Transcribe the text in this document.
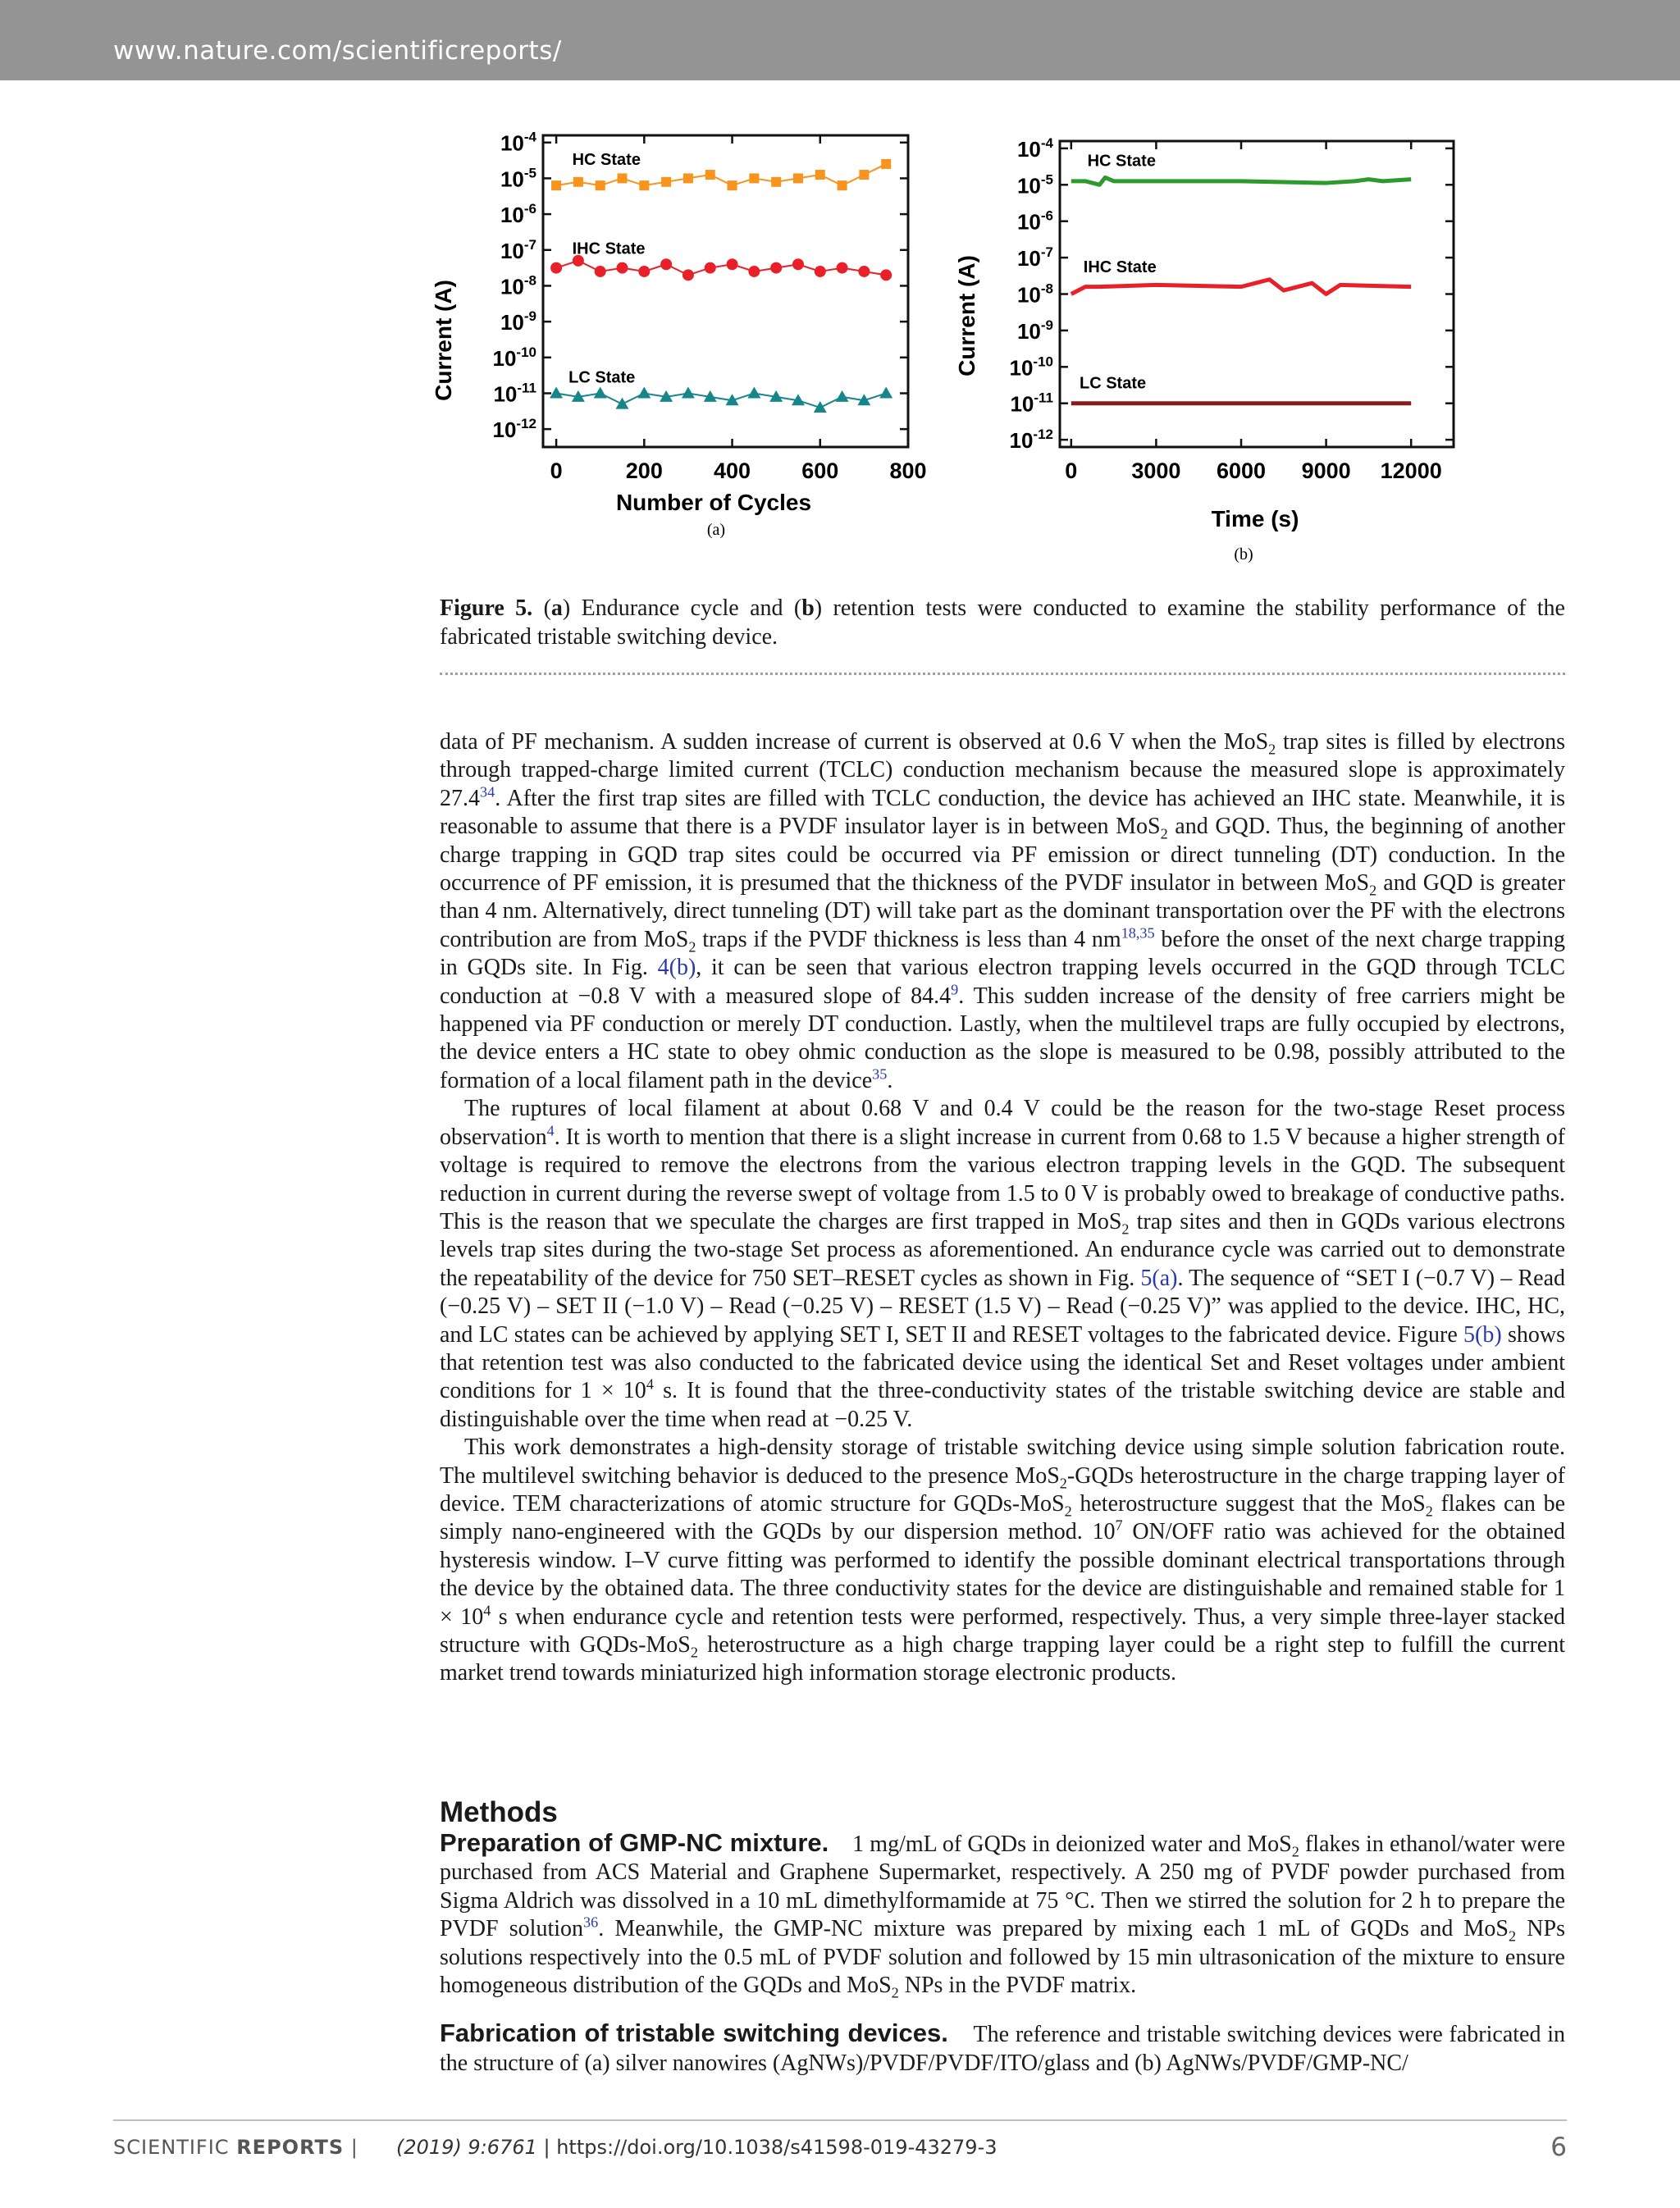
www.nature.com/scientificreports/
$10^{-4}$
$10^{-5}$
$10^{-6}$
$10^{-7}$
$10^{-8}$
$10^{-9}$
$10^{-10}$
$10^{-11}$
$10^{-12}$
0	200 400 600 800
HC State
IHC State
LC State
Number of Cycles
Current (A)
(a)
$10^{-4}$
$10^{-5}$
$10^{-6}$
$10^{-7}$
$10^{-8}$
$10^{-9}$
$10^{-10}$
$10^{-11}$
$10^{-12}$
0 3000 6000 9000 12000
HC State
IHC State
LC State
Time (s)
Current (A)
(b)
Figure 5. (a) Endurance cycle and (b) retention tests were conducted to examine the stability performance of the fabricated tristable switching device.

data of PF mechanism. A sudden increase of current is observed at 0.6 V when the MoS$_2$ trap sites is filled by electrons through trapped-charge limited current (TCLC) conduction mechanism because the measured slope is approximately 27.4$^{34}$. After the first trap sites are filled with TCLC conduction, the device has achieved an IHC state. Meanwhile, it is reasonable to assume that there is a PVDF insulator layer is in between MoS$_2$ and GQD. Thus, the beginning of another charge trapping in GQD trap sites could be occurred via PF emission or direct tunneling (DT) conduction. In the occurrence of PF emission, it is presumed that the thickness of the PVDF insulator in between MoS$_2$ and GQD is greater than 4 nm. Alternatively, direct tunneling (DT) will take part as the dominant transportation over the PF with the electrons contribution are from MoS$_2$ traps if the PVDF thickness is less than 4 nm$^{18,35}$ before the onset of the next charge trapping in GQDs site. In Fig. 4(b), it can be seen that various electron trapping levels occurred in the GQD through TCLC conduction at −0.8 V with a measured slope of 84.4$^9$. This sudden increase of the density of free carriers might be happened via PF conduction or merely DT conduction. Lastly, when the multilevel traps are fully occupied by electrons, the device enters a HC state to obey ohmic conduction as the slope is measured to be 0.98, possibly attributed to the formation of a local filament path in the device$^{35}$.

The ruptures of local filament at about 0.68 V and 0.4 V could be the reason for the two-stage Reset process observation$^4$. It is worth to mention that there is a slight increase in current from 0.68 to 1.5 V because a higher strength of voltage is required to remove the electrons from the various electron trapping levels in the GQD. The subsequent reduction in current during the reverse swept of voltage from 1.5 to 0 V is probably owed to breakage of conductive paths. This is the reason that we speculate the charges are first trapped in MoS$_2$ trap sites and then in GQDs various electrons levels trap sites during the two-stage Set process as aforementioned. An endurance cycle was carried out to demonstrate the repeatability of the device for 750 SET–RESET cycles as shown in Fig. 5(a). The sequence of “SET I (−0.7 V) – Read (−0.25 V) – SET II (−1.0 V) – Read (−0.25 V) – RESET (1.5 V) – Read (−0.25 V)” was applied to the device. IHC, HC, and LC states can be achieved by applying SET I, SET II and RESET voltages to the fabricated device. Figure 5(b) shows that retention test was also conducted to the fabricated device using the identical Set and Reset voltages under ambient conditions for $1 \times 10^4$ s. It is found that the three-conductivity states of the tristable switching device are stable and distinguishable over the time when read at −0.25 V.

This work demonstrates a high-density storage of tristable switching device using simple solution fabrication route. The multilevel switching behavior is deduced to the presence MoS$_2$-GQDs heterostructure in the charge trapping layer of device. TEM characterizations of atomic structure for GQDs-MoS$_2$ heterostructure suggest that the MoS$_2$ flakes can be simply nano-engineered with the GQDs by our dispersion method. $10^7$ ON/OFF ratio was achieved for the obtained hysteresis window. I–V curve fitting was performed to identify the possible dominant electrical transportations through the device by the obtained data. The three conductivity states for the device are distinguishable and remained stable for $1 \times 10^4$ s when endurance cycle and retention tests were performed, respectively. Thus, a very simple three-layer stacked structure with GQDs-MoS$_2$ heterostructure as a high charge trapping layer could be a right step to fulfill the current market trend towards miniaturized high information storage electronic products.

Methods

Preparation of GMP-NC mixture. 1 mg/mL of GQDs in deionized water and MoS$_2$ flakes in ethanol/water were purchased from ACS Material and Graphene Supermarket, respectively. A 250 mg of PVDF powder purchased from Sigma Aldrich was dissolved in a 10 mL dimethylformamide at 75 °C. Then we stirred the solution for 2 h to prepare the PVDF solution$^{36}$. Meanwhile, the GMP-NC mixture was prepared by mixing each 1 mL of GQDs and MoS$_2$ NPs solutions respectively into the 0.5 mL of PVDF solution and followed by 15 min ultrasonication of the mixture to ensure homogeneous distribution of the GQDs and MoS$_2$ NPs in the PVDF matrix.

Fabrication of tristable switching devices. The reference and tristable switching devices were fabricated in the structure of (a) silver nanowires (AgNWs)/PVDF/PVDF/ITO/glass and (b) AgNWs/PVDF/GMP-NC/

SCIENTIFIC REPORTS | (2019) 9:6761 | https://doi.org/10.1038/s41598-019-43279-3	6
